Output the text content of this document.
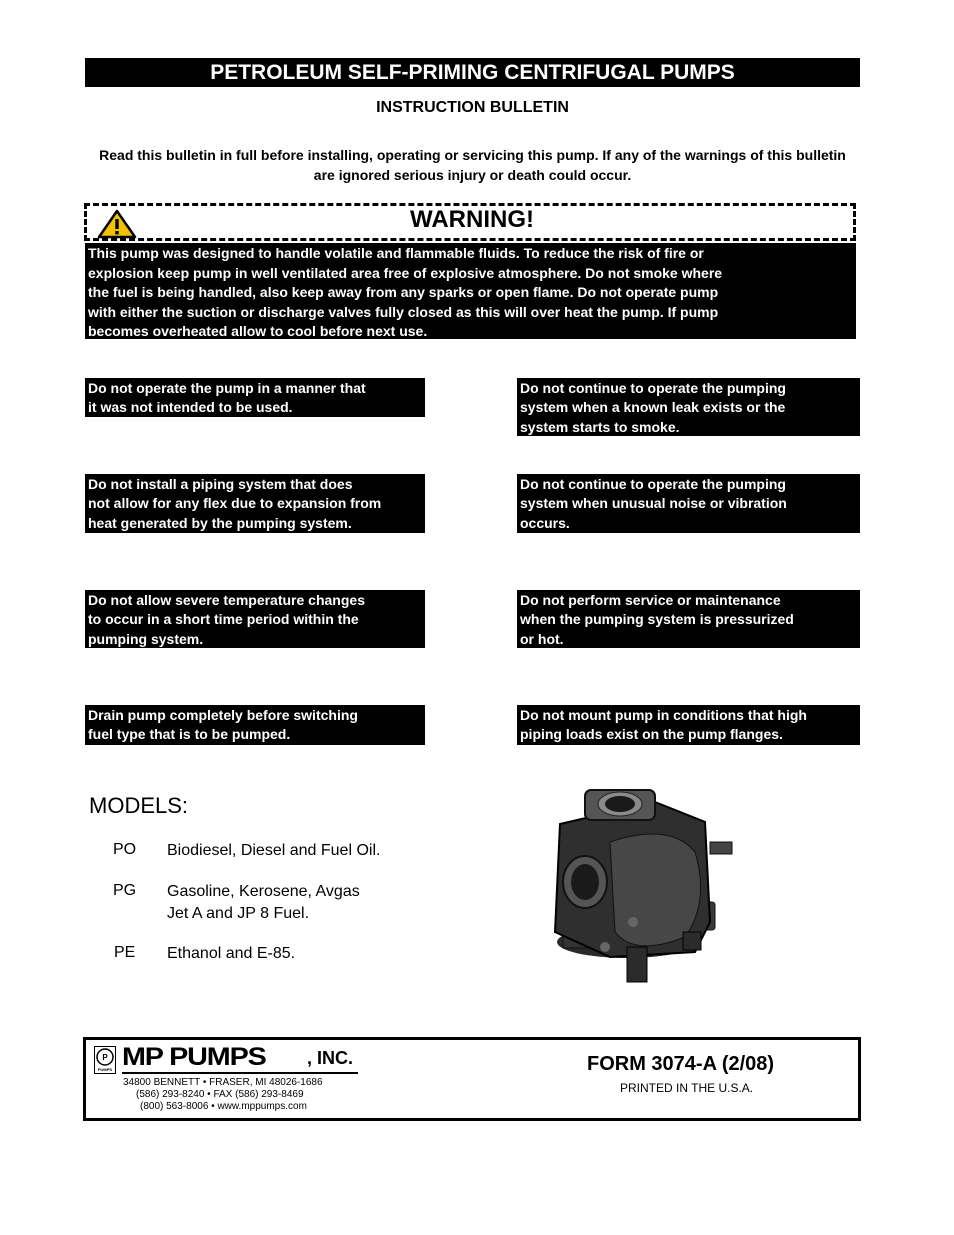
PETROLEUM SELF-PRIMING CENTRIFUGAL PUMPS
INSTRUCTION BULLETIN
Read this bulletin in full before installing, operating or servicing this pump. If any of the warnings of this bulletin are ignored serious injury or death could occur.
WARNING!
This pump was designed to handle volatile and flammable fluids. To reduce the risk of fire or
explosion keep pump in well ventilated area free of explosive atmosphere. Do not smoke where
the fuel is being handled, also keep away from any sparks or open flame. Do not operate pump
with either the suction or discharge valves fully closed as this will over heat the pump. If pump
becomes overheated allow to cool before next use.
Do not operate the pump in a manner that
it was not intended to be used.
Do not continue to operate the pumping
system when a known leak exists or the
system starts to smoke.
Do not install a piping system that does
not allow for any flex due to expansion from
heat generated by the pumping system.
Do not continue to operate the pumping
system when unusual noise or vibration
occurs.
Do not allow severe temperature changes
to occur in a short time period within the
pumping system.
Do not perform service or maintenance
when the pumping system is pressurized
or hot.
Drain pump completely before switching
fuel type that is to be pumped.
Do not mount pump in conditions that high
piping loads exist on the pump flanges.
MODELS:
PO Biodiesel, Diesel and Fuel Oil.
PG Gasoline, Kerosene, Avgas
Jet A and JP 8 Fuel.
PE Ethanol and E-85.
P
PUMPS MP PUMPS , INC.
34800 BENNETT • FRASER, MI 48026-1686
(586) 293-8240 • FAX (586) 293-8469
(800) 563-8006 • www.mppumps.com
FORM 3074-A (2/08)
PRINTED IN THE U.S.A.
